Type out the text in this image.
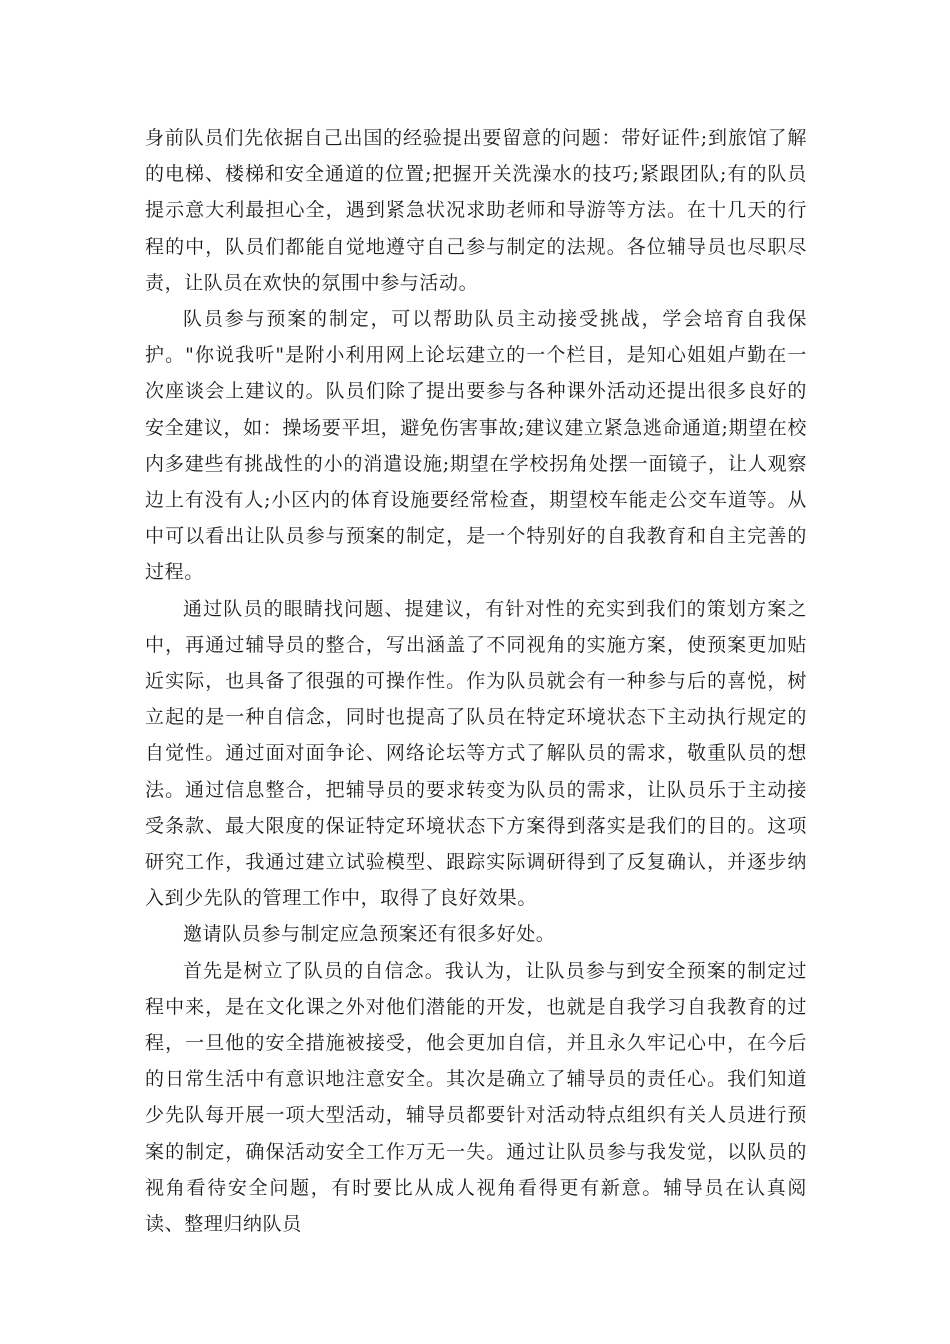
身前队员们先依据自己出国的经验提出要留意的问题：带好证件;到旅馆了解的电梯、楼梯和安全通道的位置;把握开关洗澡水的技巧;紧跟团队;有的队员提示意大利最担心全，遇到紧急状况求助老师和导游等方法。在十几天的行程的中，队员们都能自觉地遵守自己参与制定的法规。各位辅导员也尽职尽责，让队员在欢快的氛围中参与活动。

队员参与预案的制定，可以帮助队员主动接受挑战，学会培育自我保护。"你说我听"是附小利用网上论坛建立的一个栏目，是知心姐姐卢勤在一次座谈会上建议的。队员们除了提出要参与各种课外活动还提出很多良好的安全建议，如：操场要平坦，避免伤害事故;建议建立紧急逃命通道;期望在校内多建些有挑战性的小的消遣设施;期望在学校拐角处摆一面镜子，让人观察边上有没有人;小区内的体育设施要经常检查，期望校车能走公交车道等。从中可以看出让队员参与预案的制定，是一个特别好的自我教育和自主完善的过程。

通过队员的眼睛找问题、提建议，有针对性的充实到我们的策划方案之中，再通过辅导员的整合，写出涵盖了不同视角的实施方案，使预案更加贴近实际，也具备了很强的可操作性。作为队员就会有一种参与后的喜悦，树立起的是一种自信念，同时也提高了队员在特定环境状态下主动执行规定的自觉性。通过面对面争论、网络论坛等方式了解队员的需求，敬重队员的想法。通过信息整合，把辅导员的要求转变为队员的需求，让队员乐于主动接受条款、最大限度的保证特定环境状态下方案得到落实是我们的目的。这项研究工作，我通过建立试验模型、跟踪实际调研得到了反复确认，并逐步纳入到少先队的管理工作中，取得了良好效果。

邀请队员参与制定应急预案还有很多好处。

首先是树立了队员的自信念。我认为，让队员参与到安全预案的制定过程中来，是在文化课之外对他们潜能的开发，也就是自我学习自我教育的过程，一旦他的安全措施被接受，他会更加自信，并且永久牢记心中，在今后的日常生活中有意识地注意安全。其次是确立了辅导员的责任心。我们知道少先队每开展一项大型活动，辅导员都要针对活动特点组织有关人员进行预案的制定，确保活动安全工作万无一失。通过让队员参与我发觉，以队员的视角看待安全问题，有时要比从成人视角看得更有新意。辅导员在认真阅读、整理归纳队员
